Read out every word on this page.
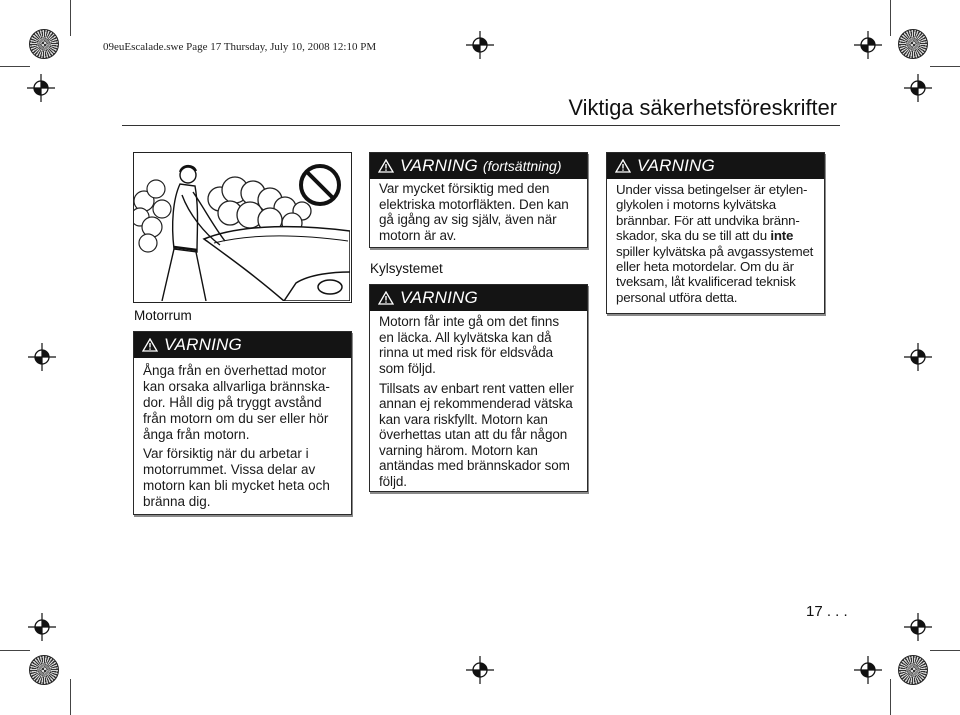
09euEscalade.swe Page 17 Thursday, July 10, 2008 12:10 PM
Viktiga säkerhetsföreskrifter
Motorrum
VARNING
Ånga från en överhettad motor
kan orsaka allvarliga brännska-
dor. Håll dig på tryggt avstånd
från motorn om du ser eller hör
ånga från motorn.
Var försiktig när du arbetar i
motorrummet. Vissa delar av
motorn kan bli mycket heta och
bränna dig.
VARNING (fortsättning)
Var mycket försiktig med den
elektriska motorfläkten. Den kan
gå igång av sig själv, även när
motorn är av.
Kylsystemet
VARNING
Motorn får inte gå om det finns
en läcka. All kylvätska kan då
rinna ut med risk för eldsvåda
som följd.
Tillsats av enbart rent vatten eller
annan ej rekommenderad vätska
kan vara riskfyllt. Motorn kan
överhettas utan att du får någon
varning härom. Motorn kan
antändas med brännskador som
följd.
VARNING
Under vissa betingelser är etylen-
glykolen i motorns kylvätska
brännbar. För att undvika bränn-
skador, ska du se till att du inte
spiller kylvätska på avgassystemet
eller heta motordelar. Om du är
tveksam, låt kvalificerad teknisk
personal utföra detta.
17 . . .
